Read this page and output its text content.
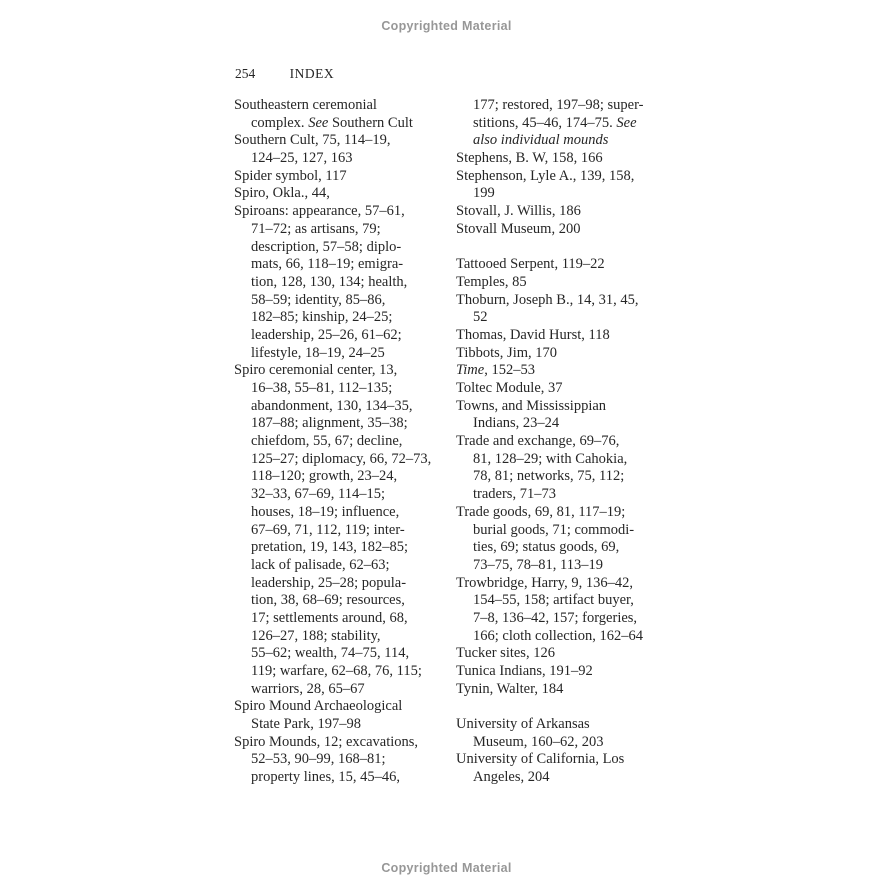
Copyrighted Material
254	INDEX
Southeastern ceremonial
complex. See Southern Cult
Southern Cult, 75, 114–19,
124–25, 127, 163
Spider symbol, 117
Spiro, Okla., 44,
Spiroans: appearance, 57–61,
71–72; as artisans, 79;
description, 57–58; diplo-
mats, 66, 118–19; emigra-
tion, 128, 130, 134; health,
58–59; identity, 85–86,
182–85; kinship, 24–25;
leadership, 25–26, 61–62;
lifestyle, 18–19, 24–25
Spiro ceremonial center, 13,
16–38, 55–81, 112–135;
abandonment, 130, 134–35,
187–88; alignment, 35–38;
chiefdom, 55, 67; decline,
125–27; diplomacy, 66, 72–73,
118–120; growth, 23–24,
32–33, 67–69, 114–15;
houses, 18–19; influence,
67–69, 71, 112, 119; inter-
pretation, 19, 143, 182–85;
lack of palisade, 62–63;
leadership, 25–28; popula-
tion, 38, 68–69; resources,
17; settlements around, 68,
126–27, 188; stability,
55–62; wealth, 74–75, 114,
119; warfare, 62–68, 76, 115;
warriors, 28, 65–67
Spiro Mound Archaeological
State Park, 197–98
Spiro Mounds, 12; excavations,
52–53, 90–99, 168–81;
property lines, 15, 45–46,
177; restored, 197–98; super-
stitions, 45–46, 174–75. See
also individual mounds
Stephens, B. W, 158, 166
Stephenson, Lyle A., 139, 158,
199
Stovall, J. Willis, 186
Stovall Museum, 200

Tattooed Serpent, 119–22
Temples, 85
Thoburn, Joseph B., 14, 31, 45,
52
Thomas, David Hurst, 118
Tibbots, Jim, 170
Time, 152–53
Toltec Module, 37
Towns, and Mississippian
Indians, 23–24
Trade and exchange, 69–76,
81, 128–29; with Cahokia,
78, 81; networks, 75, 112;
traders, 71–73
Trade goods, 69, 81, 117–19;
burial goods, 71; commodi-
ties, 69; status goods, 69,
73–75, 78–81, 113–19
Trowbridge, Harry, 9, 136–42,
154–55, 158; artifact buyer,
7–8, 136–42, 157; forgeries,
166; cloth collection, 162–64
Tucker sites, 126
Tunica Indians, 191–92
Tynin, Walter, 184

University of Arkansas
Museum, 160–62, 203
University of California, Los
Angeles, 204
Copyrighted Material
